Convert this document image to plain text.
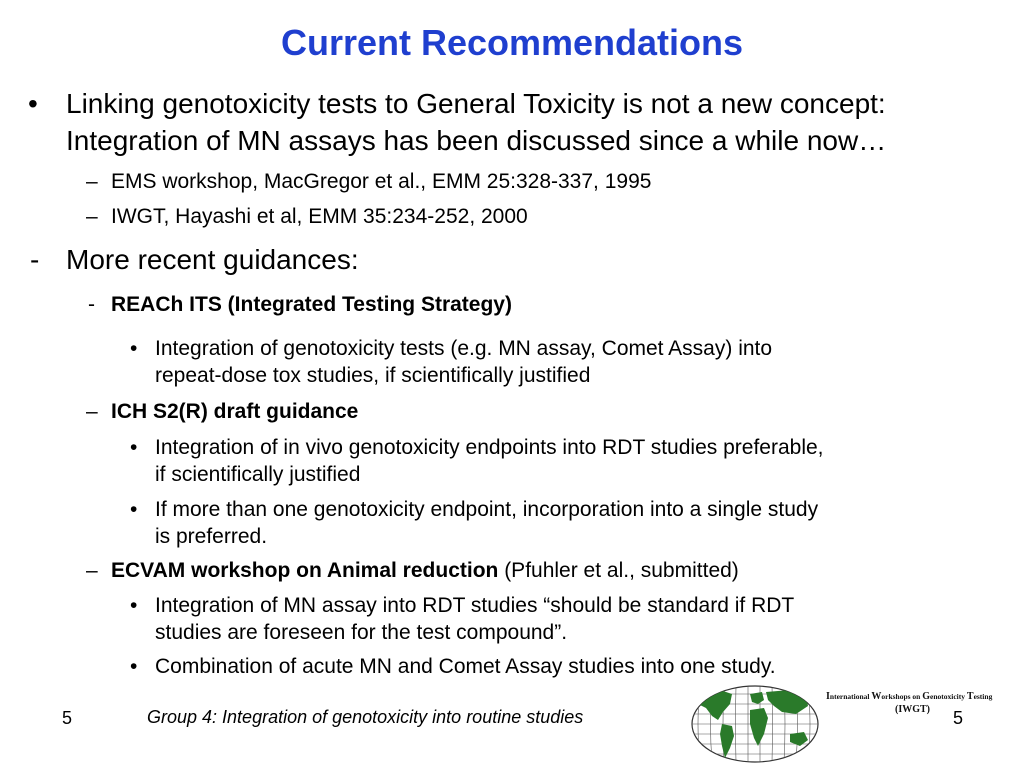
Current Recommendations
• Linking genotoxicity tests to General Toxicity is not a new concept:
Integration of MN assays has been discussed since a while now…
– EMS workshop, MacGregor et al., EMM 25:328-337, 1995
– IWGT, Hayashi et al, EMM 35:234-252, 2000
- More recent guidances:
- REACh ITS (Integrated Testing Strategy)
• Integration of genotoxicity tests (e.g. MN assay, Comet Assay) into
repeat-dose tox studies, if scientifically justified
– ICH S2(R) draft guidance
• Integration of in vivo genotoxicity endpoints into RDT studies preferable,
if scientifically justified
• If more than one genotoxicity endpoint, incorporation into a single study
is preferred.
– ECVAM workshop on Animal reduction (Pfuhler et al., submitted)
• Integration of MN assay into RDT studies “should be standard if RDT
studies are foreseen for the test compound”.
• Combination of acute MN and Comet Assay studies into one study.
5	Group 4: Integration of genotoxicity into routine studies	5
International Workshops on Genotoxicity Testing
(IWGT)
